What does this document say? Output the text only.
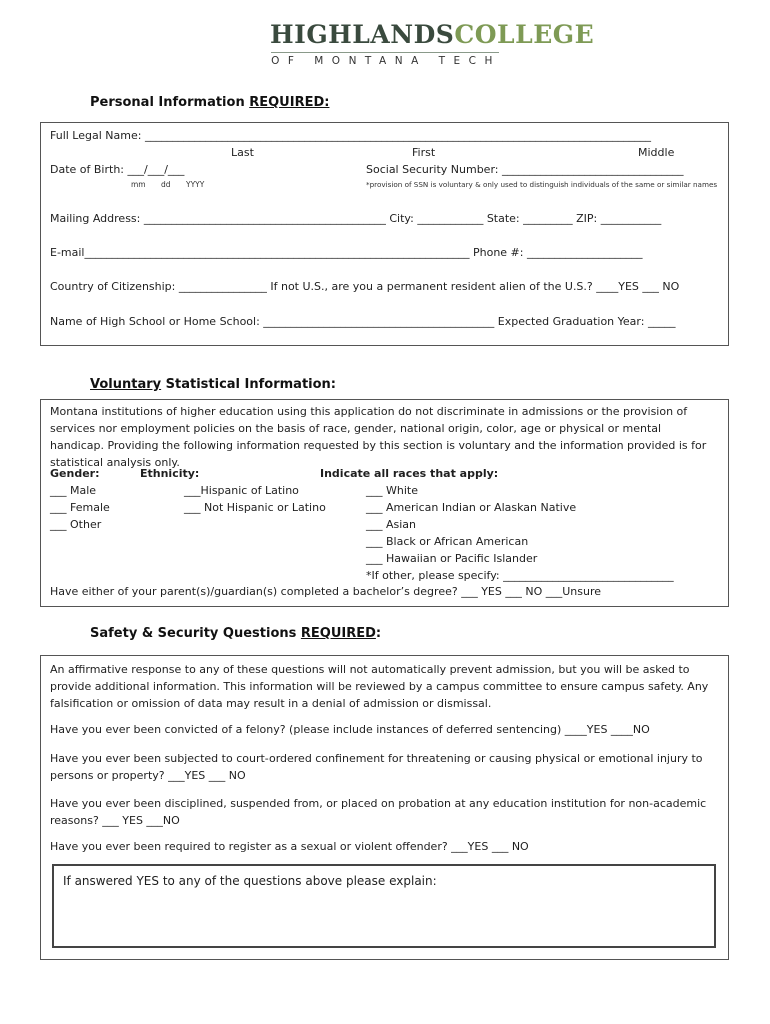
HIGHLANDSCOLLEGE
OF MONTANA TECH
Personal Information REQUIRED:
Full Legal Name: ____________________________________________________________________________________________
Last	First	Middle
Date of Birth: ___/___/___
mm dd YYYY
Social Security Number: _________________________________
*provision of SSN is voluntary & only used to distinguish individuals of the same or similar names
Mailing Address: ____________________________________________ City: ____________ State: _________ ZIP: ___________
E-mail______________________________________________________________________ Phone #: _____________________
Country of Citizenship: ________________ If not U.S., are you a permanent resident alien of the U.S.? ____YES ___ NO
Name of High School or Home School: __________________________________________ Expected Graduation Year: _____
Voluntary Statistical Information:
Montana institutions of higher education using this application do not discriminate in admissions or the provision of services nor employment policies on the basis of race, gender, national origin, color, age or physical or mental handicap. Providing the following information requested by this section is voluntary and the information provided is for statistical analysis only.
Gender:
___ Male
___ Female
___ Other
Ethnicity:
___Hispanic of Latino
___ Not Hispanic or Latino
Indicate all races that apply:
___ White
___ American Indian or Alaskan Native
___ Asian
___ Black or African American
___ Hawaiian or Pacific Islander
*If other, please specify: _______________________________
Have either of your parent(s)/guardian(s) completed a bachelor’s degree? ___ YES ___ NO ___Unsure
Safety & Security Questions REQUIRED:
An affirmative response to any of these questions will not automatically prevent admission, but you will be asked to provide additional information. This information will be reviewed by a campus committee to ensure campus safety. Any falsification or omission of data may result in a denial of admission or dismissal.
Have you ever been convicted of a felony? (please include instances of deferred sentencing) ____YES ____NO
Have you ever been subjected to court-ordered confinement for threatening or causing physical or emotional injury to persons or property? ___YES ___ NO
Have you ever been disciplined, suspended from, or placed on probation at any education institution for non-academic reasons? ___ YES ___NO
Have you ever been required to register as a sexual or violent offender? ___YES ___ NO
If answered YES to any of the questions above please explain:
